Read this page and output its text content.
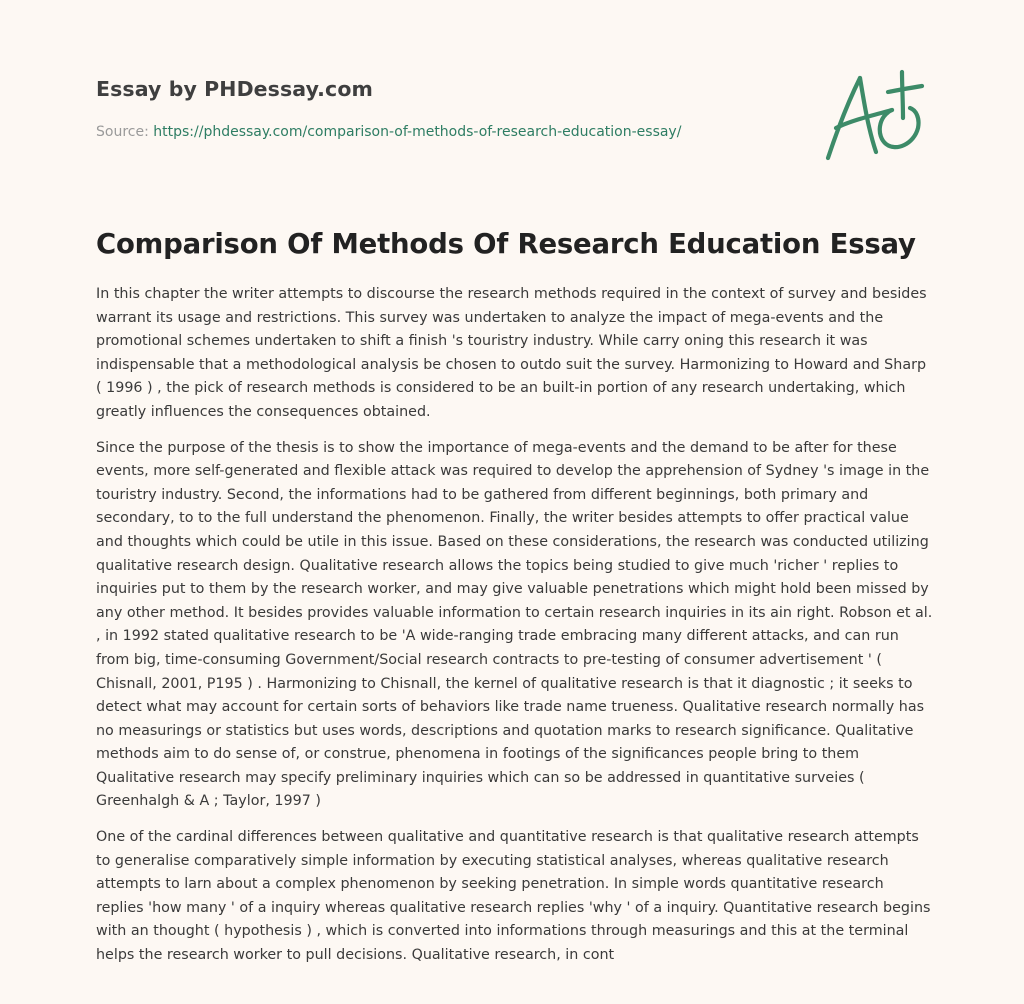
Essay by PHDessay.com
Source: https://phdessay.com/comparison-of-methods-of-research-education-essay/
Comparison Of Methods Of Research Education Essay

In this chapter the writer attempts to discourse the research methods required in the context of survey and besides warrant its usage and restrictions. This survey was undertaken to analyze the impact of mega-events and the promotional schemes undertaken to shift a finish 's touristry industry. While carry oning this research it was indispensable that a methodological analysis be chosen to outdo suit the survey. Harmonizing to Howard and Sharp ( 1996 ) , the pick of research methods is considered to be an built-in portion of any research undertaking, which greatly influences the consequences obtained.

Since the purpose of the thesis is to show the importance of mega-events and the demand to be after for these events, more self-generated and flexible attack was required to develop the apprehension of Sydney 's image in the touristry industry. Second, the informations had to be gathered from different beginnings, both primary and secondary, to to the full understand the phenomenon. Finally, the writer besides attempts to offer practical value and thoughts which could be utile in this issue. Based on these considerations, the research was conducted utilizing qualitative research design. Qualitative research allows the topics being studied to give much 'richer ' replies to inquiries put to them by the research worker, and may give valuable penetrations which might hold been missed by any other method. It besides provides valuable information to certain research inquiries in its ain right. Robson et al. , in 1992 stated qualitative research to be 'A wide-ranging trade embracing many different attacks, and can run from big, time-consuming Government/Social research contracts to pre-testing of consumer advertisement ' ( Chisnall, 2001, P195 ) . Harmonizing to Chisnall, the kernel of qualitative research is that it diagnostic ; it seeks to detect what may account for certain sorts of behaviors like trade name trueness. Qualitative research normally has no measurings or statistics but uses words, descriptions and quotation marks to research significance. Qualitative methods aim to do sense of, or construe, phenomena in footings of the significances people bring to them Qualitative research may specify preliminary inquiries which can so be addressed in quantitative surveies ( Greenhalgh & A ; Taylor, 1997 )

One of the cardinal differences between qualitative and quantitative research is that qualitative research attempts to generalise comparatively simple information by executing statistical analyses, whereas qualitative research attempts to larn about a complex phenomenon by seeking penetration. In simple words quantitative research replies 'how many ' of a inquiry whereas qualitative research replies 'why ' of a inquiry. Quantitative research begins with an thought ( hypothesis ) , which is converted into informations through measurings and this at the terminal helps the research worker to pull decisions. Qualitative research, in cont
